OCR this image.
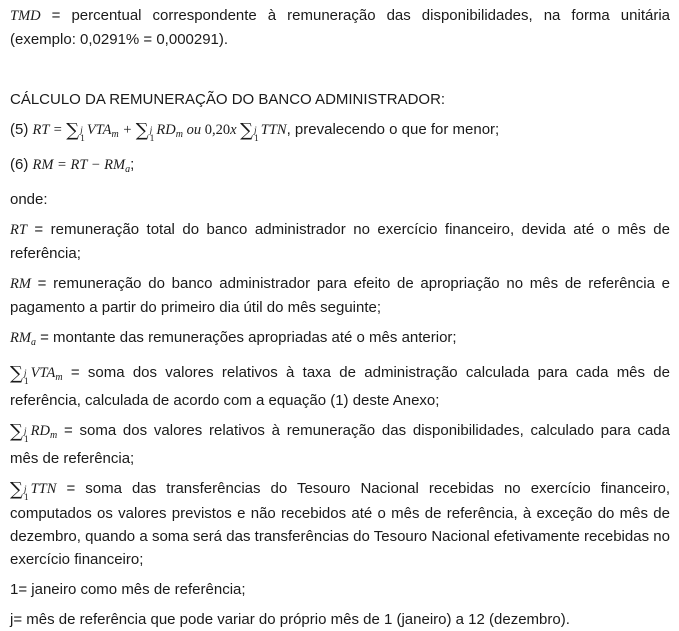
TMD = percentual correspondente à remuneração das disponibilidades, na forma unitária (exemplo: 0,0291% = 0,000291).

CÁLCULO DA REMUNERAÇÃO DO BANCO ADMINISTRADOR:

(5) RT = ∑ j
1
$VTA_m$ + ∑ j
1
$RD_m$ ou 0,20x ∑ j
1
TTN, prevalecendo o que for menor;

(6) RM = RT − $RM_a$;

onde:

RT = remuneração total do banco administrador no exercício financeiro, devida até o mês de referência;

RM = remuneração do banco administrador para efeito de apropriação no mês de referência e pagamento a partir do primeiro dia útil do mês seguinte;

$RM_a$ = montante das remunerações apropriadas até o mês anterior;

∑ j
1
$VTA_m$ = soma dos valores relativos à taxa de administração calculada para cada mês de referência, calculada de acordo com a equação (1) deste Anexo;

∑ j
1
$RD_m$ = soma dos valores relativos à remuneração das disponibilidades, calculado para cada mês de referência;

∑ j
1
TTN = soma das transferências do Tesouro Nacional recebidas no exercício financeiro, computados os valores previstos e não recebidos até o mês de referência, à exceção do mês de dezembro, quando a soma será das transferências do Tesouro Nacional efetivamente recebidas no exercício financeiro;

1= janeiro como mês de referência;

j= mês de referência que pode variar do próprio mês de 1 (janeiro) a 12 (dezembro).
